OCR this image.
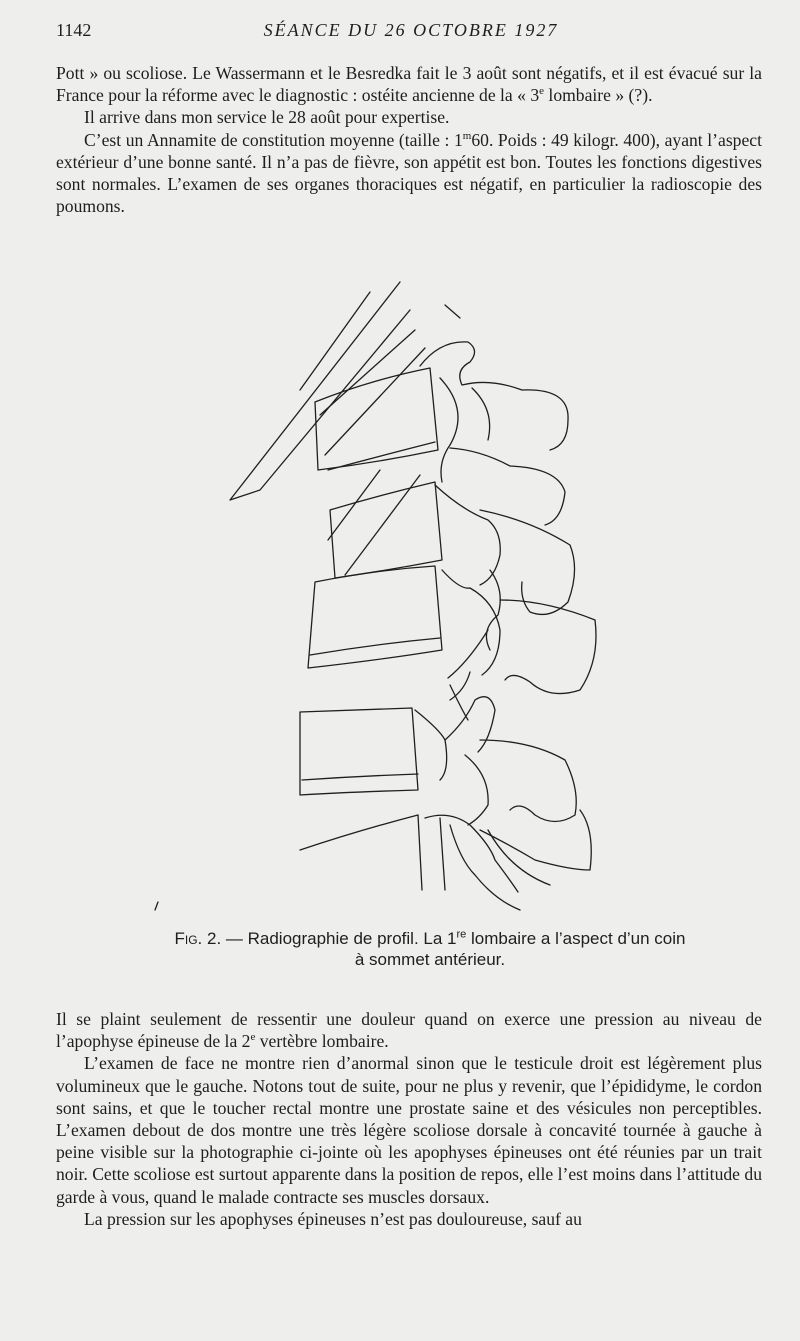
1142	SÉANCE DU 26 OCTOBRE 1927

Pott » ou scoliose. Le Wassermann et le Besredka fait le 3 août sont négatifs, et il est évacué sur la France pour la réforme avec le diagnostic : ostéite ancienne de la « 3e lombaire » (?).

Il arrive dans mon service le 28 août pour expertise.

C’est un Annamite de constitution moyenne (taille : 1$^m$60. Poids : 49 kilogr. 400), ayant l’aspect extérieur d’une bonne santé. Il n’a pas de fièvre, son appétit est bon. Toutes les fonctions digestives sont normales. L’examen de ses organes thoraciques est négatif, en particulier la radioscopie des poumons.

Fig. 2. — Radiographie de profil. La 1re lombaire a l’aspect d’un coin
à sommet antérieur.

Il se plaint seulement de ressentir une douleur quand on exerce une pression au niveau de l’apophyse épineuse de la 2e vertèbre lombaire.

L’examen de face ne montre rien d’anormal sinon que le testicule droit est légèrement plus volumineux que le gauche. Notons tout de suite, pour ne plus y revenir, que l’épididyme, le cordon sont sains, et que le toucher rectal montre une prostate saine et des vésicules non perceptibles. L’examen debout de dos montre une très légère scoliose dorsale à concavité tournée à gauche à peine visible sur la photographie ci-jointe où les apophyses épineuses ont été réunies par un trait noir. Cette scoliose est surtout apparente dans la position de repos, elle l’est moins dans l’attitude du garde à vous, quand le malade contracte ses muscles dorsaux.

La pression sur les apophyses épineuses n’est pas douloureuse, sauf au
